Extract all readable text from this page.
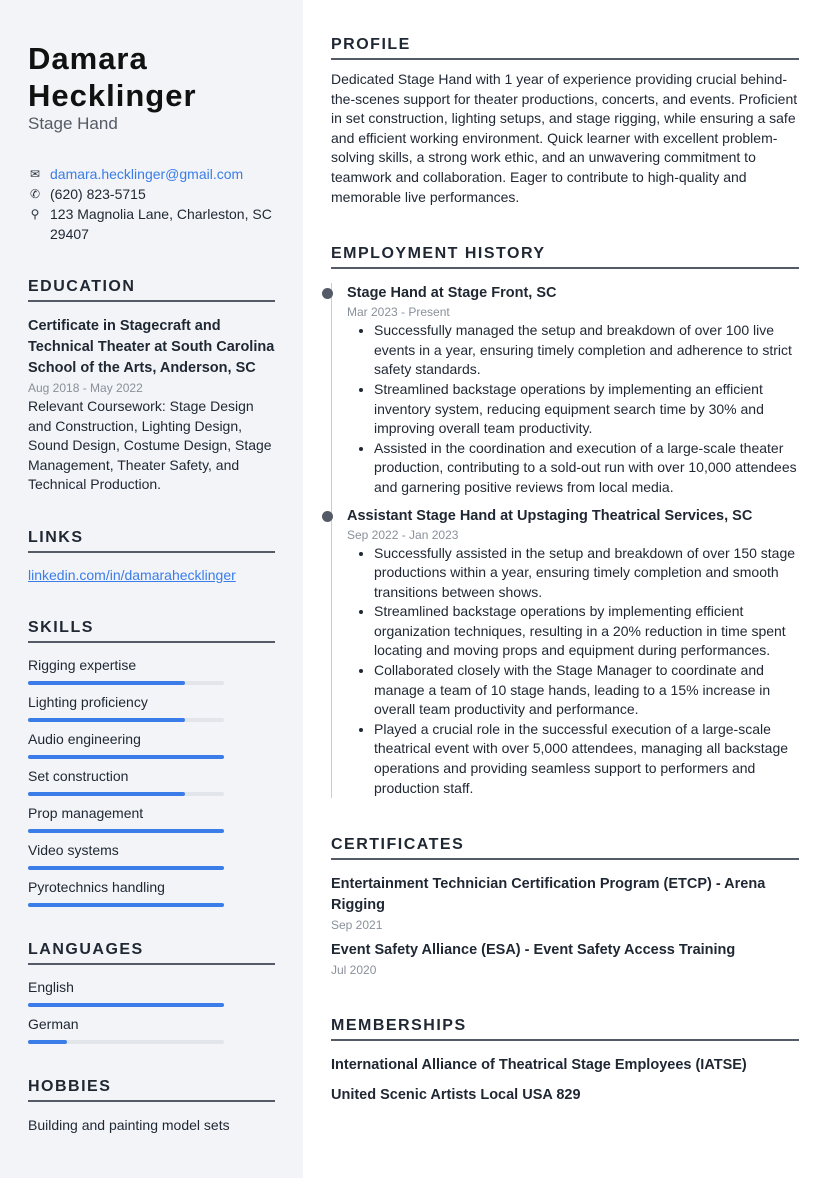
Damara
Hecklinger
Stage Hand
✉ damara.hecklinger@gmail.com
✆ (620) 823-5715
⚲ 123 Magnolia Lane, Charleston, SC 29407
EDUCATION
Certificate in Stagecraft and Technical Theater at South Carolina School of the Arts, Anderson, SC
Aug 2018 - May 2022
Relevant Coursework: Stage Design and Construction, Lighting Design, Sound Design, Costume Design, Stage Management, Theater Safety, and Technical Production.
LINKS
linkedin.com/in/damarahecklinger
SKILLS
Rigging expertise
Lighting proficiency
Audio engineering
Set construction
Prop management
Video systems
Pyrotechnics handling
LANGUAGES
English
German
HOBBIES
Building and painting model sets
PROFILE
Dedicated Stage Hand with 1 year of experience providing crucial behind-the-scenes support for theater productions, concerts, and events. Proficient in set construction, lighting setups, and stage rigging, while ensuring a safe and efficient working environment. Quick learner with excellent problem-solving skills, a strong work ethic, and an unwavering commitment to teamwork and collaboration. Eager to contribute to high-quality and memorable live performances.
EMPLOYMENT HISTORY
Stage Hand at Stage Front, SC
Mar 2023 - Present
• Successfully managed the setup and breakdown of over 100 live events in a year, ensuring timely completion and adherence to strict safety standards.
• Streamlined backstage operations by implementing an efficient inventory system, reducing equipment search time by 30% and improving overall team productivity.
• Assisted in the coordination and execution of a large-scale theater production, contributing to a sold-out run with over 10,000 attendees and garnering positive reviews from local media.
Assistant Stage Hand at Upstaging Theatrical Services, SC
Sep 2022 - Jan 2023
• Successfully assisted in the setup and breakdown of over 150 stage productions within a year, ensuring timely completion and smooth transitions between shows.
• Streamlined backstage operations by implementing efficient organization techniques, resulting in a 20% reduction in time spent locating and moving props and equipment during performances.
• Collaborated closely with the Stage Manager to coordinate and manage a team of 10 stage hands, leading to a 15% increase in overall team productivity and performance.
• Played a crucial role in the successful execution of a large-scale theatrical event with over 5,000 attendees, managing all backstage operations and providing seamless support to performers and production staff.
CERTIFICATES
Entertainment Technician Certification Program (ETCP) - Arena Rigging
Sep 2021
Event Safety Alliance (ESA) - Event Safety Access Training
Jul 2020
MEMBERSHIPS
International Alliance of Theatrical Stage Employees (IATSE)
United Scenic Artists Local USA 829
